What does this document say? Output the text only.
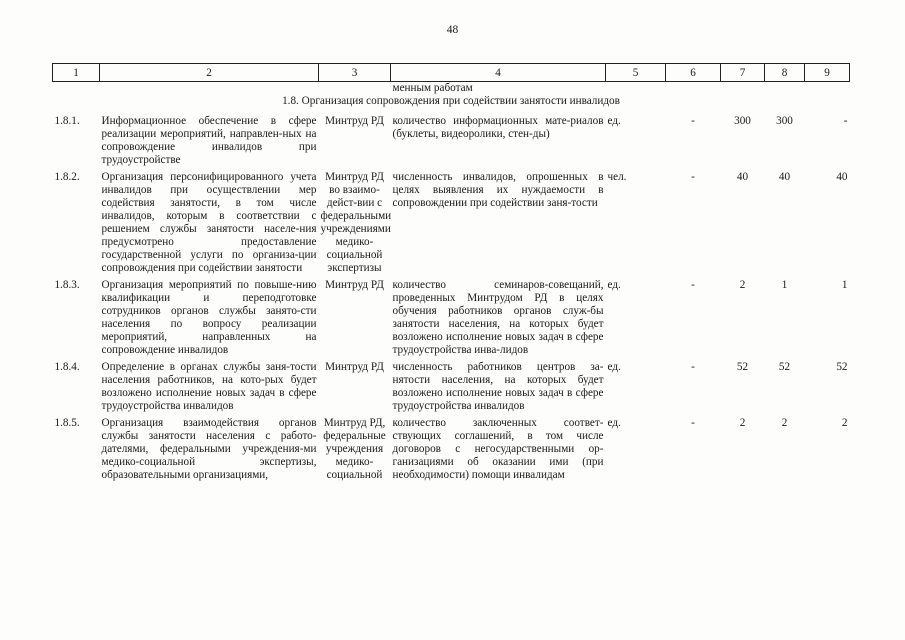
48
1	2	3	4	5	6	7	8	9
			менным работам					
1.8. Организация сопровождения при содействии занятости инвалидов								
1.8.1.	Информационное обеспечение в сфере реализации мероприятий, направлен-ных на сопровождение инвалидов при трудоустройстве	Минтруд РД	количество информационных мате-риалов (буклеты, видеоролики, стен-ды)	ед.	-	300	300	-
1.8.2.	Организация персонифицированного учета инвалидов при осуществлении мер содействия занятости, в том числе инвалидов, которым в соответствии с решением службы занятости населе-ния предусмотрено предоставление государственной услуги по организа-ции сопровождения при содействии занятости	Минтруд РД во взаимо-дейст-вии с федеральными учреждениями медико-социальной экспертизы	численность инвалидов, опрошенных в целях выявления их нуждаемости в сопровождении при содействии заня-тости	чел.	-	40	40	40
1.8.3.	Организация мероприятий по повыше-нию квалификации и переподготовке сотрудников органов службы занято-сти населения по вопросу реализации мероприятий, направленных на сопровождение инвалидов	Минтруд РД	количество семинаров-совещаний, проведенных Минтрудом РД в целях обучения работников органов служ-бы занятости населения, на которых будет возложено исполнение новых задач в сфере трудоустройства инва-лидов	ед.	-	2	1	1
1.8.4.	Определение в органах службы заня-тости населения работников, на кото-рых будет возложено исполнение новых задач в сфере трудоустройства инвалидов	Минтруд РД	численность работников центров за-нятости населения, на которых будет возложено исполнение новых задач в сфере трудоустройства инвалидов	ед.	-	52	52	52
1.8.5.	Организация взаимодействия органов службы занятости населения с работо-дателями, федеральными учреждения-ми медико-социальной экспертизы, образовательными организациями,	Минтруд РД, федеральные учреждения медико-социальной	количество заключенных соответ-ствующих соглашений, в том числе договоров с негосударственными ор-ганизациями об оказании ими (при необходимости) помощи инвалидам	ед.	-	2	2	2
